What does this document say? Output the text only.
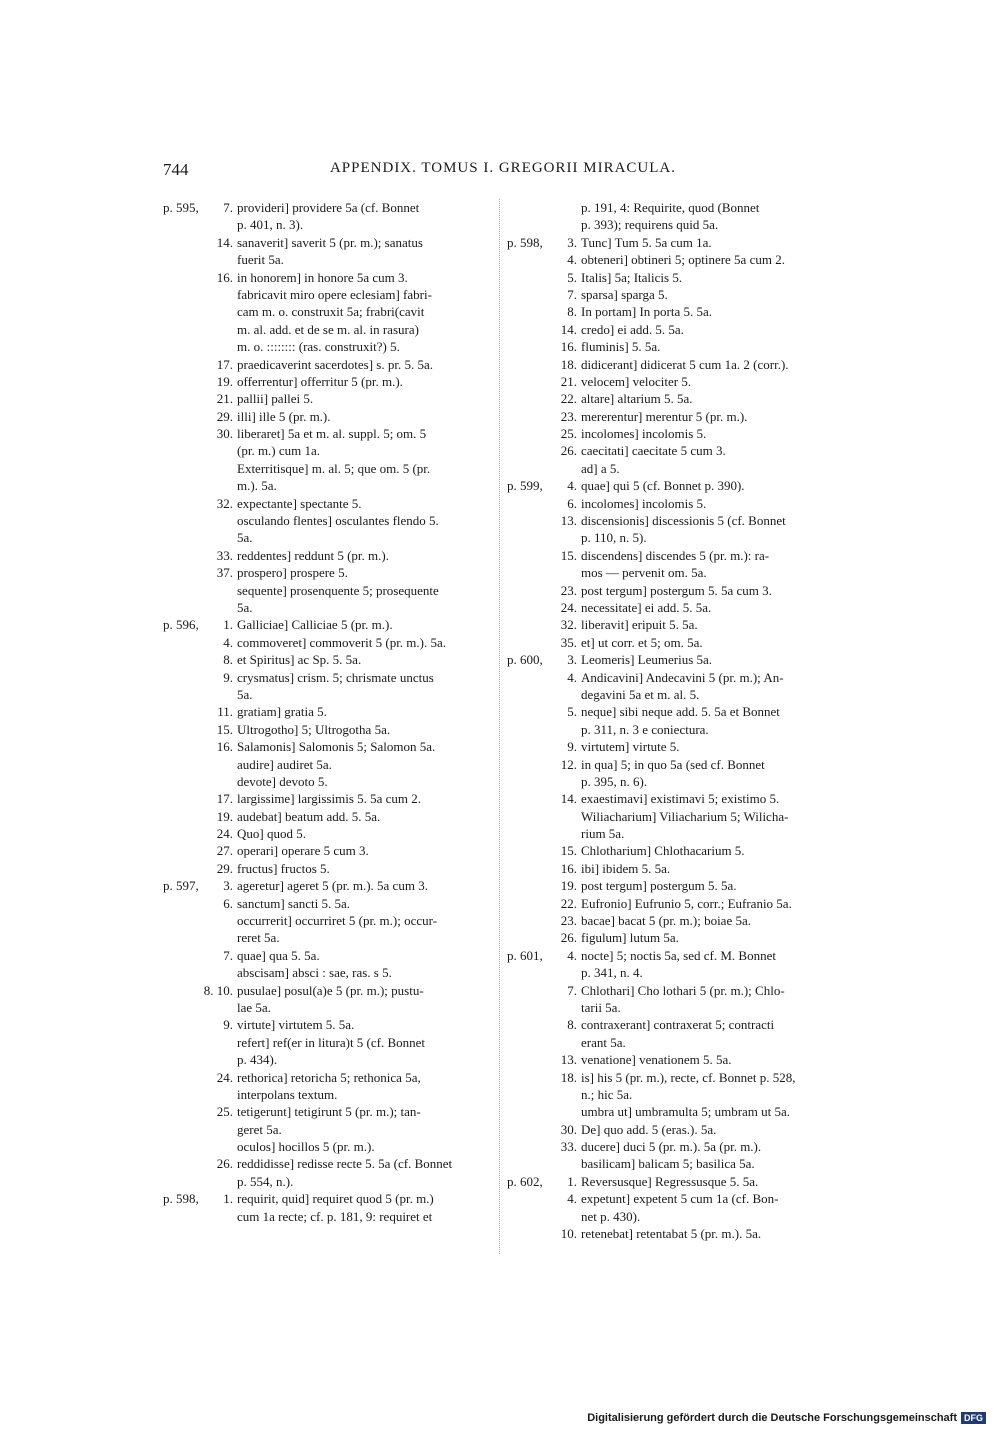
744	APPENDIX. TOMUS I. GREGORII MIRACULA.
p. 595, 7. provideri] providere 5a (cf. Bonnet
p. 401, n. 3).
14. sanaverit] saverit 5 (pr. m.); sanatus
fuerit 5a.
16. in honorem] in honore 5a cum 3.
fabricavit miro opere eclesiam] fabri-
cam m. o. construxit 5a; frabri(cavit
m. al. add. et de se m. al. in rasura)
m. o. :::::::: (ras. construxit?) 5.
17. praedicaverint sacerdotes] s. pr. 5. 5a.
19. offerrentur] offerritur 5 (pr. m.).
21. pallii] pallei 5.
29. illi] ille 5 (pr. m.).
30. liberaret] 5a et m. al. suppl. 5; om. 5
(pr. m.) cum 1a.
Exterritisque] m. al. 5; que om. 5 (pr.
m.). 5a.
32. expectante] spectante 5.
osculando flentes] osculantes flendo 5.
5a.
33. reddentes] reddunt 5 (pr. m.).
37. prospero] prospere 5.
sequente] prosenquente 5; prosequente
5a.
p. 596, 1. Galliciae] Calliciae 5 (pr. m.).
4. commoveret] commoverit 5 (pr. m.). 5a.
8. et Spiritus] ac Sp. 5. 5a.
9. crysmatus] crism. 5; chrismate unctus
5a.
11. gratiam] gratia 5.
15. Ultrogotho] 5; Ultrogotha 5a.
16. Salamonis] Salomonis 5; Salomon 5a.
audire] audiret 5a.
devote] devoto 5.
17. largissime] largissimis 5. 5a cum 2.
19. audebat] beatum add. 5. 5a.
24. Quo] quod 5.
27. operari] operare 5 cum 3.
29. fructus] fructos 5.
p. 597, 3. ageretur] ageret 5 (pr. m.). 5a cum 3.
6. sanctum] sancti 5. 5a.
occurrerit] occurriret 5 (pr. m.); occur-
reret 5a.
7. quae] qua 5. 5a.
abscisam] absci : sae, ras. s 5.
8. 10. pusulae] posul(a)e 5 (pr. m.); pustu-
lae 5a.
9. virtute] virtutem 5. 5a.
refert] ref(er in litura)t 5 (cf. Bonnet
p. 434).
24. rethorica] retoricha 5; rethonica 5a,
interpolans textum.
25. tetigerunt] tetigirunt 5 (pr. m.); tan-
geret 5a.
oculos] hocillos 5 (pr. m.).
26. reddidisse] redisse recte 5. 5a (cf. Bonnet
p. 554, n.).
p. 598, 1. requirit, quid] requiret quod 5 (pr. m.)
cum 1a recte; cf. p. 181, 9: requiret et
p. 191, 4: Requirite, quod (Bonnet
p. 393); requirens quid 5a.
p. 598, 3. Tunc] Tum 5. 5a cum 1a.
4. obteneri] obtineri 5; optinere 5a cum 2.
5. Italis] 5a; Italicis 5.
7. sparsa] sparga 5.
8. In portam] In porta 5. 5a.
14. credo] ei add. 5. 5a.
16. fluminis] 5. 5a.
18. didicerant] didicerat 5 cum 1a. 2 (corr.).
21. velocem] velociter 5.
22. altare] altarium 5. 5a.
23. mererentur] merentur 5 (pr. m.).
25. incolomes] incolomis 5.
26. caecitati] caecitate 5 cum 3.
ad] a 5.
p. 599, 4. quae] qui 5 (cf. Bonnet p. 390).
6. incolomes] incolomis 5.
13. discensionis] discessionis 5 (cf. Bonnet
p. 110, n. 5).
15. discendens] discendes 5 (pr. m.): ra-
mos — pervenit om. 5a.
23. post tergum] postergum 5. 5a cum 3.
24. necessitate] ei add. 5. 5a.
32. liberavit] eripuit 5. 5a.
35. et] ut corr. et 5; om. 5a.
p. 600, 3. Leomeris] Leumerius 5a.
4. Andicavini] Andecavini 5 (pr. m.); An-
degavini 5a et m. al. 5.
5. neque] sibi neque add. 5. 5a et Bonnet
p. 311, n. 3 e coniectura.
9. virtutem] virtute 5.
12. in qua] 5; in quo 5a (sed cf. Bonnet
p. 395, n. 6).
14. exaestimavi] existimavi 5; existimo 5.
Wiliacharium] Viliacharium 5; Wilicha-
rium 5a.
15. Chlotharium] Chlothacarium 5.
16. ibi] ibidem 5. 5a.
19. post tergum] postergum 5. 5a.
22. Eufronio] Eufrunio 5, corr.; Eufranio 5a.
23. bacae] bacat 5 (pr. m.); boiae 5a.
26. figulum] lutum 5a.
p. 601, 4. nocte] 5; noctis 5a, sed cf. M. Bonnet
p. 341, n. 4.
7. Chlothari] Cho lothari 5 (pr. m.); Chlo-
tarii 5a.
8. contraxerant] contraxerat 5; contracti
erant 5a.
13. venatione] venationem 5. 5a.
18. is] his 5 (pr. m.), recte, cf. Bonnet p. 528,
n.; hic 5a.
umbra ut] umbramulta 5; umbram ut 5a.
30. De] quo add. 5 (eras.). 5a.
33. ducere] duci 5 (pr. m.). 5a (pr. m.).
basilicam] balicam 5; basilica 5a.
p. 602, 1. Reversusque] Regressusque 5. 5a.
4. expetunt] expetent 5 cum 1a (cf. Bon-
net p. 430).
10. retenebat] retentabat 5 (pr. m.). 5a.
Digitalisierung gefördert durch die Deutsche Forschungsgemeinschaft DFG
